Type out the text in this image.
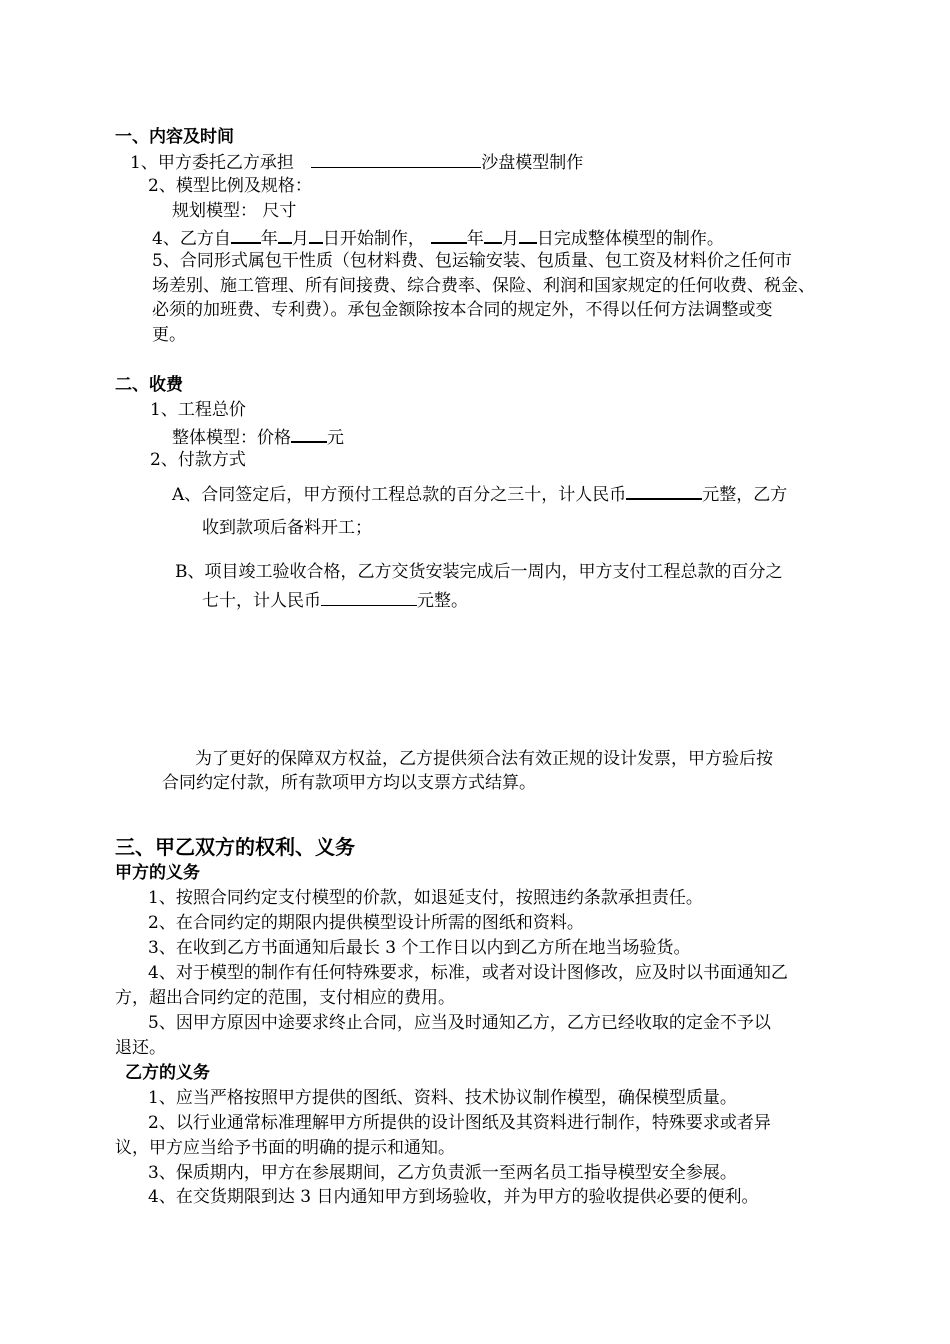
一、内容及时间
1、甲方委托乙方承担	沙盘模型制作
2、模型比例及规格：
规划模型： 尺寸
4、乙方自 年 月 日开始制作， 年 月 日完成整体模型的制作。
5、合同形式属包干性质（包材料费、包运输安装、包质量、包工资及材料价之任何市
场差别、施工管理、所有间接费、综合费率、保险、利润和国家规定的任何收费、税金、
必须的加班费、专利费）。承包金额除按本合同的规定外，不得以任何方法调整或变
更。
二、收费
1、工程总价
整体模型：价格 元
2、付款方式
A、合同签定后，甲方预付工程总款的百分之三十，计人民币	元整，乙方
收到款项后备料开工；
B、项目竣工验收合格，乙方交货安装完成后一周内，甲方支付工程总款的百分之
七十，计人民币	元整。
为了更好的保障双方权益，乙方提供须合法有效正规的设计发票，甲方验后按
合同约定付款，所有款项甲方均以支票方式结算。
三、甲乙双方的权利、义务
甲方的义务
1、按照合同约定支付模型的价款，如退延支付，按照违约条款承担责任。
2、在合同约定的期限内提供模型设计所需的图纸和资料。
3、在收到乙方书面通知后最长 3 个工作日以内到乙方所在地当场验货。
4、对于模型的制作有任何特殊要求，标准，或者对设计图修改，应及时以书面通知乙
方，超出合同约定的范围，支付相应的费用。
5、因甲方原因中途要求终止合同，应当及时通知乙方，乙方已经收取的定金不予以
退还。
乙方的义务
1、应当严格按照甲方提供的图纸、资料、技术协议制作模型，确保模型质量。
2、以行业通常标准理解甲方所提供的设计图纸及其资料进行制作，特殊要求或者异
议，甲方应当给予书面的明确的提示和通知。
3、保质期内，甲方在参展期间，乙方负责派一至两名员工指导模型安全参展。
4、在交货期限到达 3 日内通知甲方到场验收，并为甲方的验收提供必要的便利。
